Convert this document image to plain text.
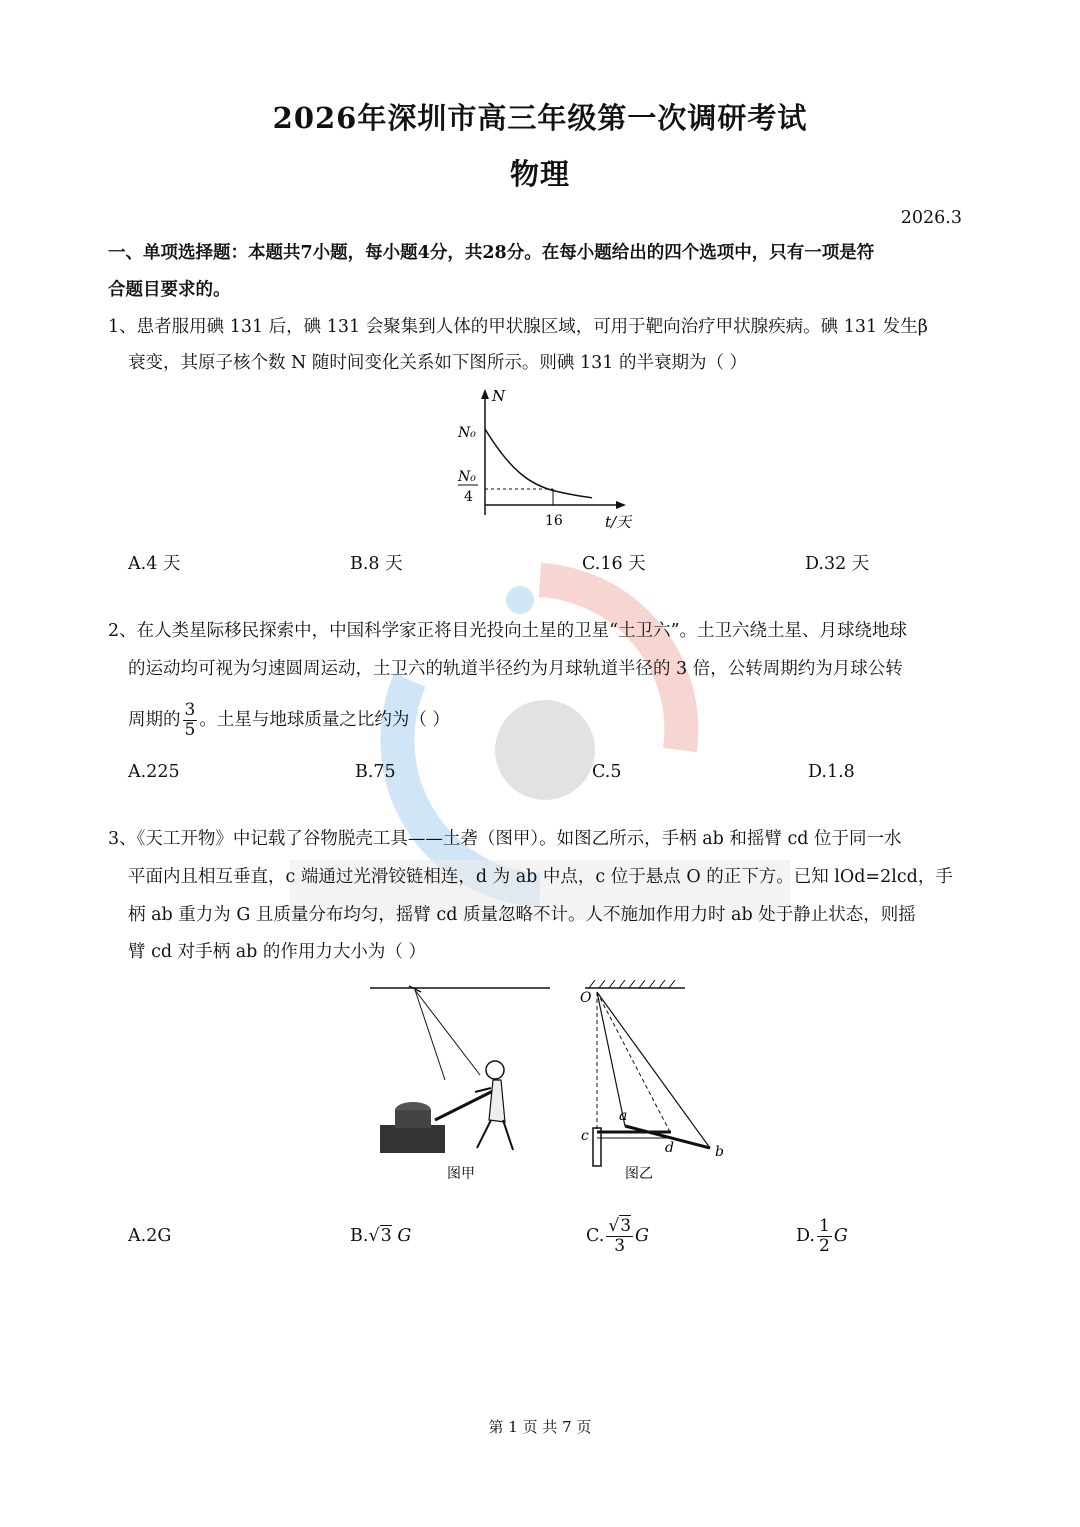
2026年深圳市高三年级第一次调研考试
物理
2026.3
一、单项选择题：本题共7小题，每小题4分，共28分。在每小题给出的四个选项中，只有一项是符
合题目要求的。
1、患者服用碘 131 后，碘 131 会聚集到人体的甲状腺区域，可用于靶向治疗甲状腺疾病。碘 131 发生β
衰变，其原子核个数 N 随时间变化关系如下图所示。则碘 131 的半衰期为（ ）
N
N₀
N₀
4
16	t/天
A.4 天	B.8 天	C.16 天	D.32 天
2、在人类星际移民探索中，中国科学家正将目光投向土星的卫星“土卫六”。土卫六绕土星、月球绕地球
的运动均可视为匀速圆周运动，土卫六的轨道半径约为月球轨道半径的 3 倍，公转周期约为月球公转
周期的 $\frac{3}{5}$ 。土星与地球质量之比约为（ ）
A.225	B.75	C.5	D.1.8
3、《天工开物》中记载了谷物脱壳工具——土砻（图甲）。如图乙所示，手柄 ab 和摇臂 cd 位于同一水
平面内且相互垂直，c 端通过光滑铰链相连，d 为 ab 中点，c 位于悬点 O 的正下方。已知 lOd=2lcd，手
柄 ab 重力为 G 且质量分布均匀，摇臂 cd 质量忽略不计。人不施加作用力时 ab 处于静止状态，则摇
臂 cd 对手柄 ab 的作用力大小为（ ）
图甲
O
a
b
c
d
图乙
A.2G	B.√3 G	C. $\frac{√3}{3}$ G	D. $\frac{1}{2}$ G
第 1 页 共 7 页
